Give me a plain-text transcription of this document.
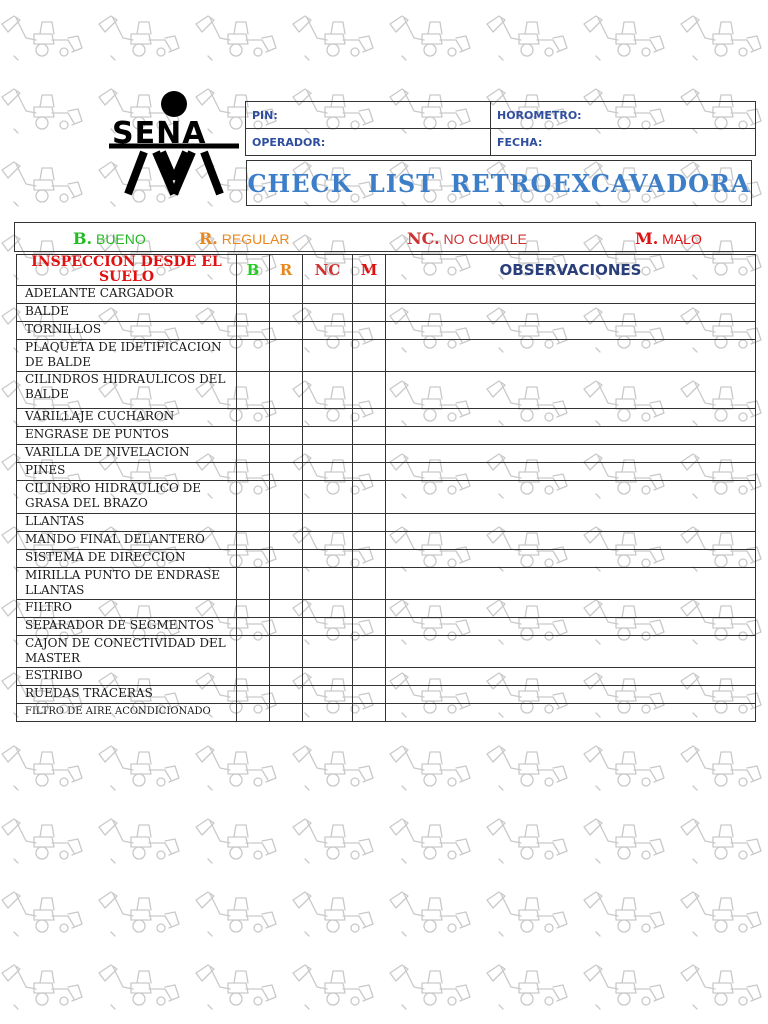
SENA
PIN:	HOROMETRO:
OPERADOR:	FECHA:
CHECK LIST RETROEXCAVADORA
B. BUENO	R. REGULAR	NC. NO CUMPLE	M. MALO
INSPECCION DESDE EL SUELO	B	R	NC	M	OBSERVACIONES
ADELANTE CARGADOR					
BALDE					
TORNILLOS					
PLAQUETA DE IDETIFICACION DE BALDE					
CILINDROS HIDRAULICOS DEL BALDE					
VARILLAJE CUCHARON					
ENGRASE DE PUNTOS					
VARILLA DE NIVELACION					
PINES					
CILINDRO HIDRAULICO DE GRASA DEL BRAZO					
LLANTAS					
MANDO FINAL DELANTERO					
SISTEMA DE DIRECCION					
MIRILLA PUNTO DE ENDRASE LLANTAS					
FILTRO					
SEPARADOR DE SEGMENTOS					
CAJON DE CONECTIVIDAD DEL MASTER					
ESTRIBO					
RUEDAS TRACERAS					
FILTRO DE AIRE ACONDICIONADO					
